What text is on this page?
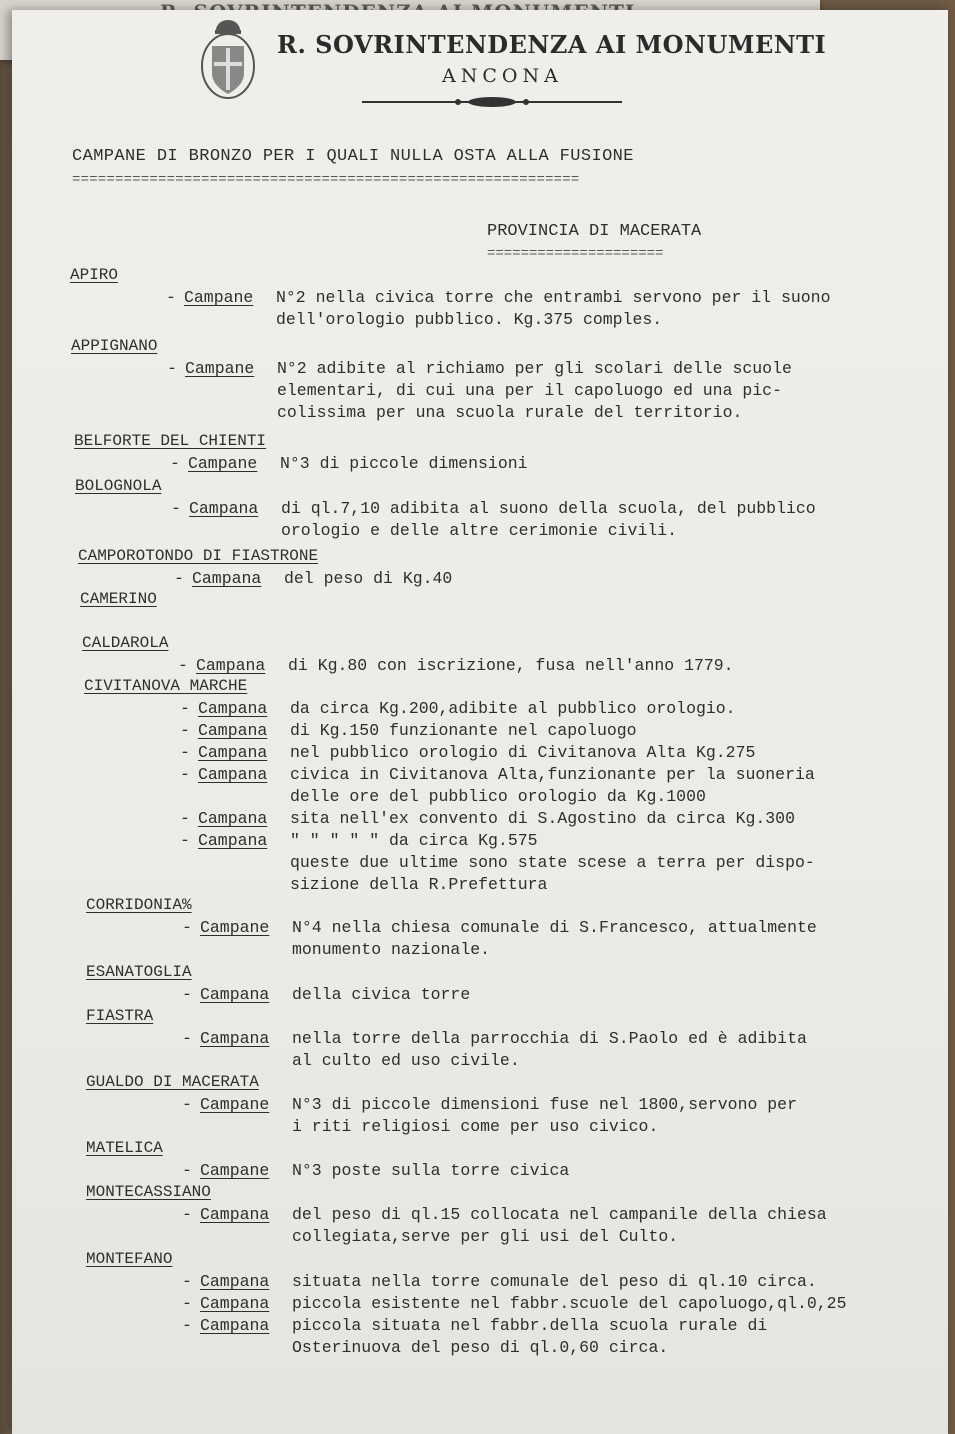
R. SOVRINTENDENZA AI MONUMENTI
ANCONA
CAMPANE DI BRONZO PER I QUALI NULLA OSTA ALLA FUSIONE
===========================================================
PROVINCIA DI MACERATA
=====================
APIRO
- Campane N°2 nella civica torre che entrambi servono per il suono
dell'orologio pubblico. Kg.375 comples.
APPIGNANO
- Campane N°2 adibite al richiamo per gli scolari delle scuole
elementari, di cui una per il capoluogo ed una pic-
colissima per una scuola rurale del territorio.
BELFORTE DEL CHIENTI
- Campane N°3 di piccole dimensioni
BOLOGNOLA
- Campana di ql.7,10 adibita al suono della scuola, del pubblico
orologio e delle altre cerimonie civili.
CAMPOROTONDO DI FIASTRONE
- Campana del peso di Kg.40
CAMERINO
CALDAROLA
- Campana di Kg.80 con iscrizione, fusa nell'anno 1779.
CIVITANOVA MARCHE
- Campana da circa Kg.200,adibite al pubblico orologio.
- Campana di Kg.150 funzionante nel capoluogo
- Campana nel pubblico orologio di Civitanova Alta Kg.275
- Campana civica in Civitanova Alta,funzionante per la suoneria
delle ore del pubblico orologio da Kg.1000
- Campana sita nell'ex convento di S.Agostino da circa Kg.300
- Campana " " " " " da circa Kg.575
queste due ultime sono state scese a terra per dispo-
sizione della R.Prefettura
CORRIDONIA%
- Campane N°4 nella chiesa comunale di S.Francesco, attualmente
monumento nazionale.
ESANATOGLIA
- Campana della civica torre
FIASTRA
- Campana nella torre della parrocchia di S.Paolo ed è adibita
al culto ed uso civile.
GUALDO DI MACERATA
- Campane N°3 di piccole dimensioni fuse nel 1800,servono per
i riti religiosi come per uso civico.
MATELICA
- Campane N°3 poste sulla torre civica
MONTECASSIANO
- Campana del peso di ql.15 collocata nel campanile della chiesa
collegiata,serve per gli usi del Culto.
MONTEFANO
- Campana situata nella torre comunale del peso di ql.10 circa.
- Campana piccola esistente nel fabbr.scuole del capoluogo,ql.0,25
- Campana piccola situata nel fabbr.della scuola rurale di
Osterinuova del peso di ql.0,60 circa.
